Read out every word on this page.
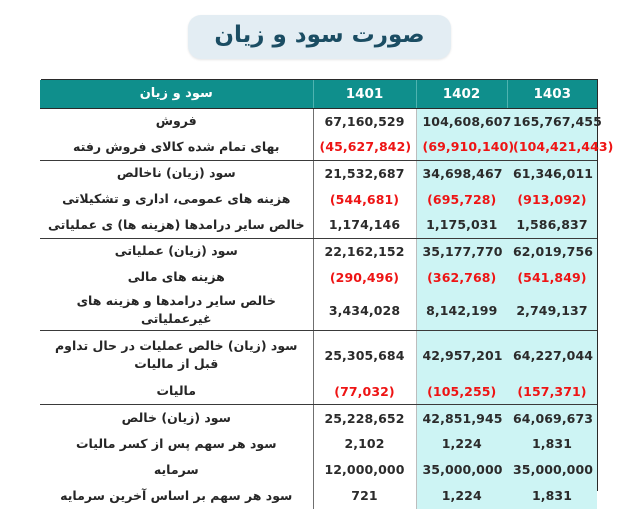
صورت سود و زیان
1403	1402	1401	سود و زیان
165,767,455	104,608,607	67,160,529	فروش
(104,421,443)	(69,910,140)	(45,627,842)	بهای تمام شده کالای فروش رفته
61,346,011	34,698,467	21,532,687	سود (زیان) ناخالص
(913,092)	(695,728)	(544,681)	هزینه های عمومی، اداری و تشکیلاتی
1,586,837	1,175,031	1,174,146	خالص سایر درامدها (هزینه ها) ی عملیاتی
62,019,756	35,177,770	22,162,152	سود (زیان) عملیاتی
(541,849)	(362,768)	(290,496)	هزینه های مالی
2,749,137	8,142,199	3,434,028	خالص سایر درامدها و هزینه های غیرعملیاتی
64,227,044	42,957,201	25,305,684	سود (زیان) خالص عملیات در حال تداوم قبل از مالیات
(157,371)	(105,255)	(77,032)	مالیات
64,069,673	42,851,945	25,228,652	سود (زیان) خالص
1,831	1,224	2,102	سود هر سهم پس از کسر مالیات
35,000,000	35,000,000	12,000,000	سرمایه
1,831	1,224	721	سود هر سهم بر اساس آخرین سرمایه
